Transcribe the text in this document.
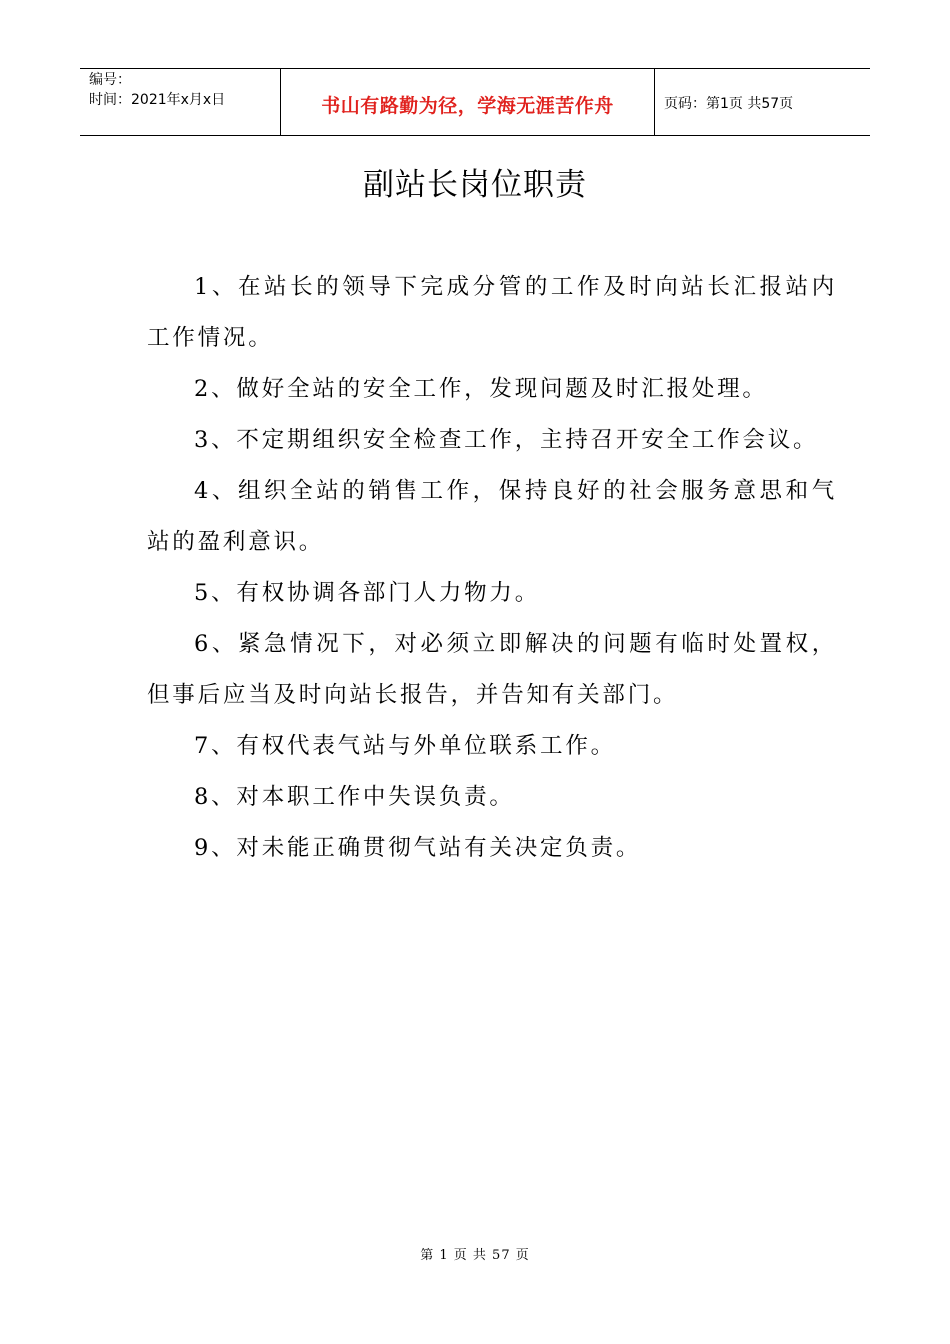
编号：
时间：2021年x月x日	书山有路勤为径，学海无涯苦作舟	页码：第1页 共57页
副站长岗位职责

1、在站长的领导下完成分管的工作及时向站长汇报站内工作情况。

2、做好全站的安全工作，发现问题及时汇报处理。

3、不定期组织安全检查工作，主持召开安全工作会议。

4、组织全站的销售工作，保持良好的社会服务意思和气站的盈利意识。

5、有权协调各部门人力物力。

6、紧急情况下，对必须立即解决的问题有临时处置权，但事后应当及时向站长报告，并告知有关部门。

7、有权代表气站与外单位联系工作。

8、对本职工作中失误负责。

9、对未能正确贯彻气站有关决定负责。

第 1 页 共 57 页
